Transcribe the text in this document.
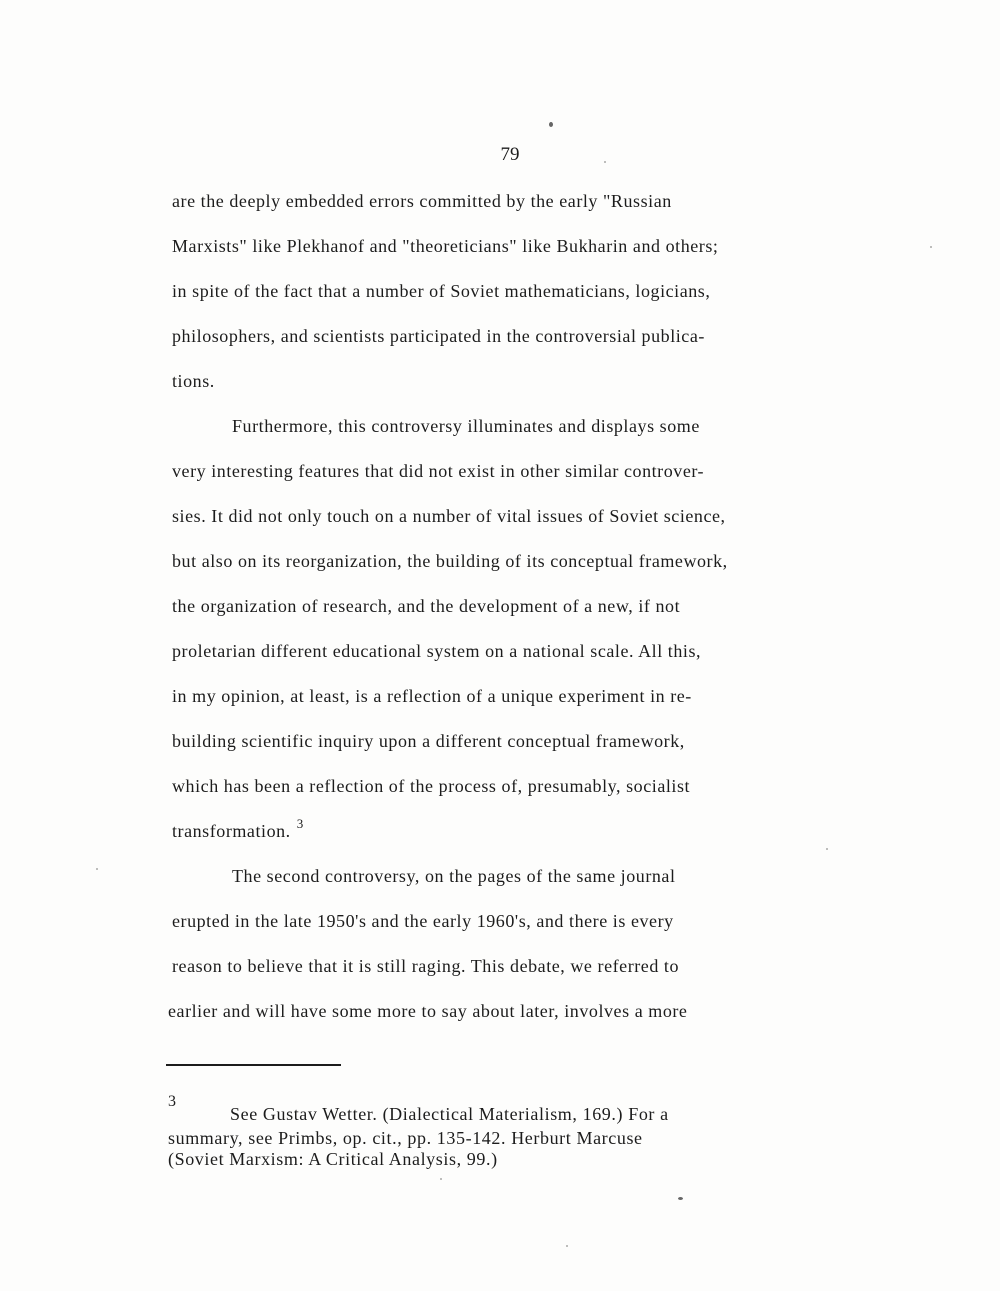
79
are the deeply embedded errors committed by the early "Russian
Marxists" like Plekhanof and "theoreticians" like Bukharin and others;
in spite of the fact that a number of Soviet mathematicians, logicians,
philosophers, and scientists participated in the controversial publica-
tions.
Furthermore, this controversy illuminates and displays some
very interesting features that did not exist in other similar controver-
sies. It did not only touch on a number of vital issues of Soviet science,
but also on its reorganization, the building of its conceptual framework,
the organization of research, and the development of a new, if not
proletarian different educational system on a national scale. All this,
in my opinion, at least, is a reflection of a unique experiment in re-
building scientific inquiry upon a different conceptual framework,
which has been a reflection of the process of, presumably, socialist
transformation. $^3$
The second controversy, on the pages of the same journal
erupted in the late 1950's and the early 1960's, and there is every
reason to believe that it is still raging. This debate, we referred to
earlier and will have some more to say about later, involves a more
3
See Gustav Wetter. (Dialectical Materialism, 169.) For a
summary, see Primbs, op. cit., pp. 135-142. Herburt Marcuse
(Soviet Marxism: A Critical Analysis, 99.)
